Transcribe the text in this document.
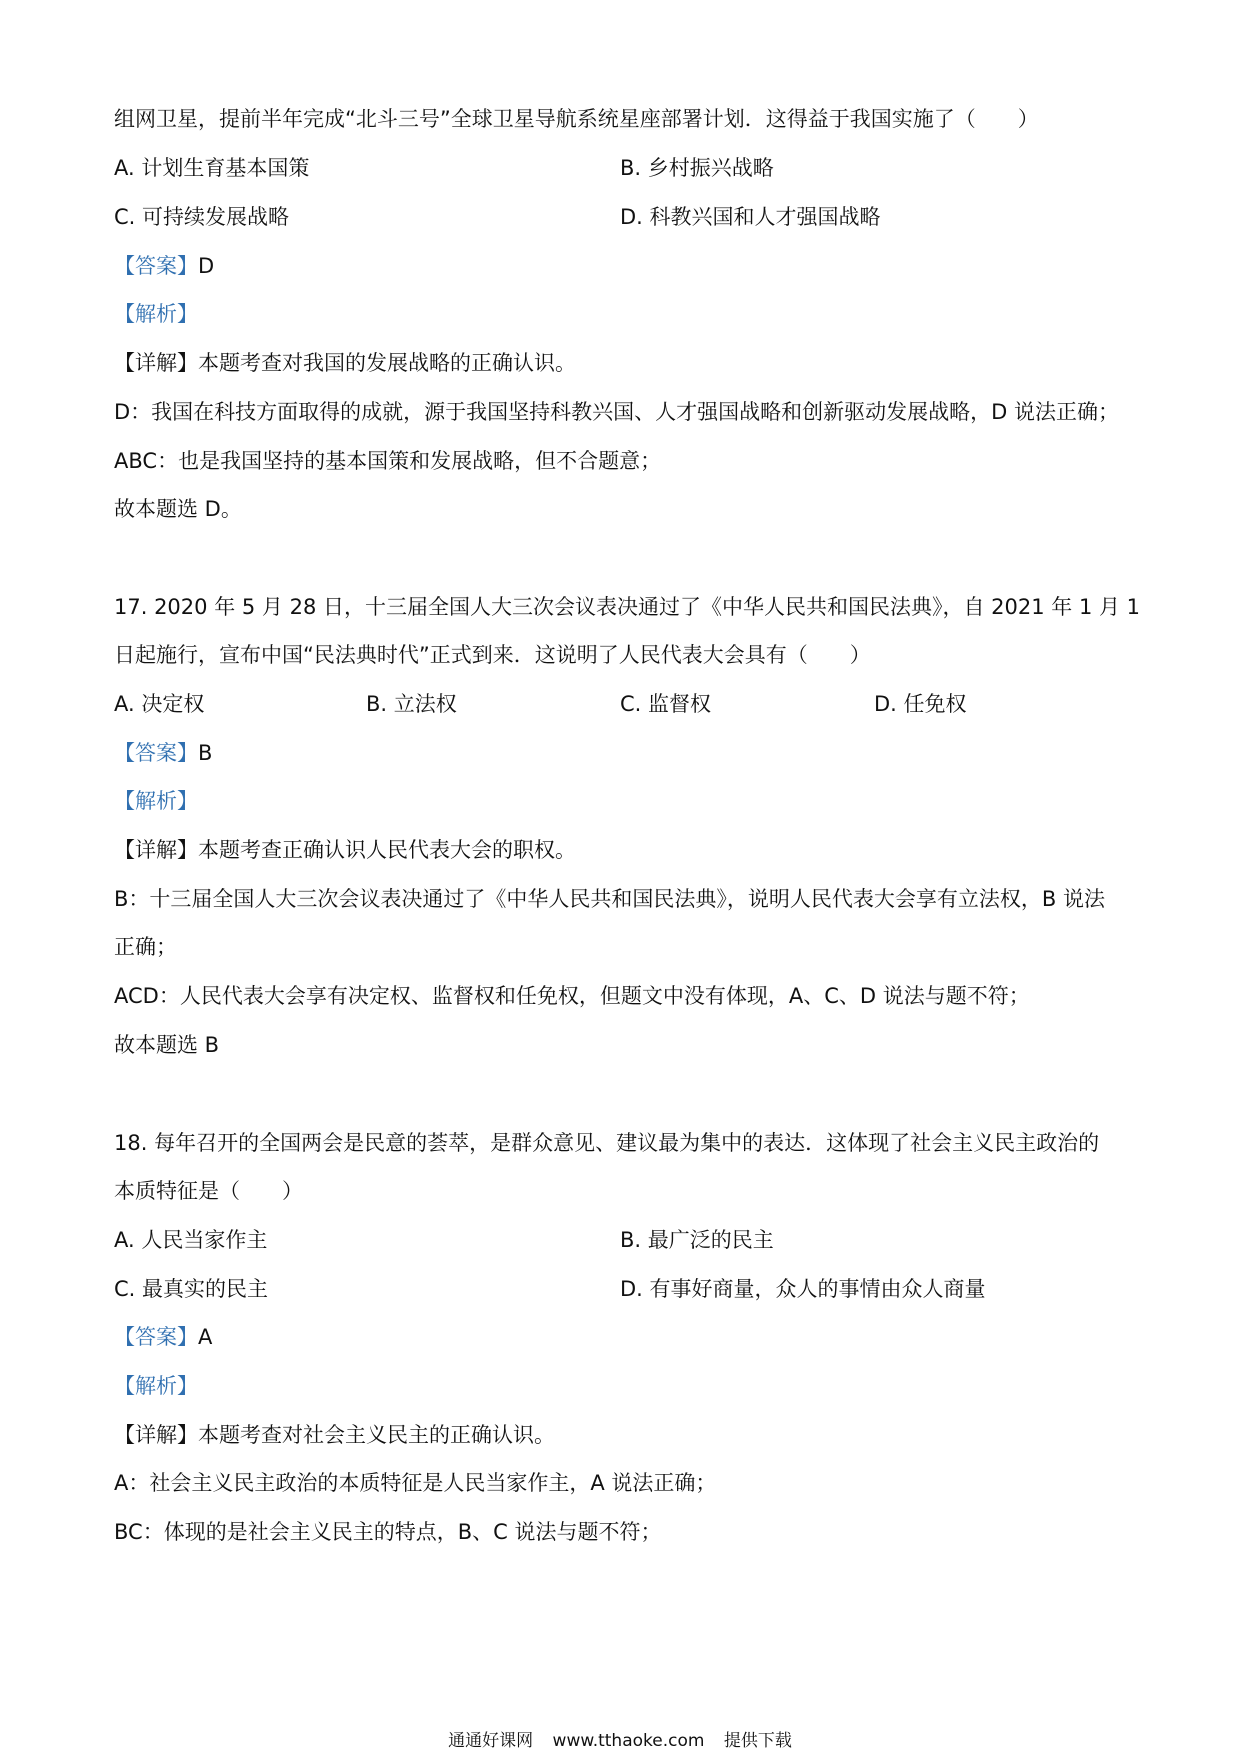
组网卫星，提前半年完成“北斗三号”全球卫星导航系统星座部署计划．这得益于我国实施了（　　）
A. 计划生育基本国策	B. 乡村振兴战略
C. 可持续发展战略	D. 科教兴国和人才强国战略
【答案】D
【解析】
【详解】本题考查对我国的发展战略的正确认识。
D：我国在科技方面取得的成就，源于我国坚持科教兴国、人才强国战略和创新驱动发展战略，D 说法正确；
ABC：也是我国坚持的基本国策和发展战略，但不合题意；
故本题选 D。
17. 2020 年 5 月 28 日，十三届全国人大三次会议表决通过了《中华人民共和国民法典》，自 2021 年 1 月 1
日起施行，宣布中国“民法典时代”正式到来．这说明了人民代表大会具有（　　）
A. 决定权	B. 立法权	C. 监督权	D. 任免权
【答案】B
【解析】
【详解】本题考查正确认识人民代表大会的职权。
B：十三届全国人大三次会议表决通过了《中华人民共和国民法典》，说明人民代表大会享有立法权，B 说法
正确；
ACD：人民代表大会享有决定权、监督权和任免权，但题文中没有体现，A、C、D 说法与题不符；
故本题选 B
18. 每年召开的全国两会是民意的荟萃，是群众意见、建议最为集中的表达．这体现了社会主义民主政治的
本质特征是（　　）
A. 人民当家作主	B. 最广泛的民主
C. 最真实的民主	D. 有事好商量，众人的事情由众人商量
【答案】A
【解析】
【详解】本题考查对社会主义民主的正确认识。
A：社会主义民主政治的本质特征是人民当家作主，A 说法正确；
BC：体现的是社会主义民主的特点，B、C 说法与题不符；
通通好课网 www.tthaoke.com 提供下载
